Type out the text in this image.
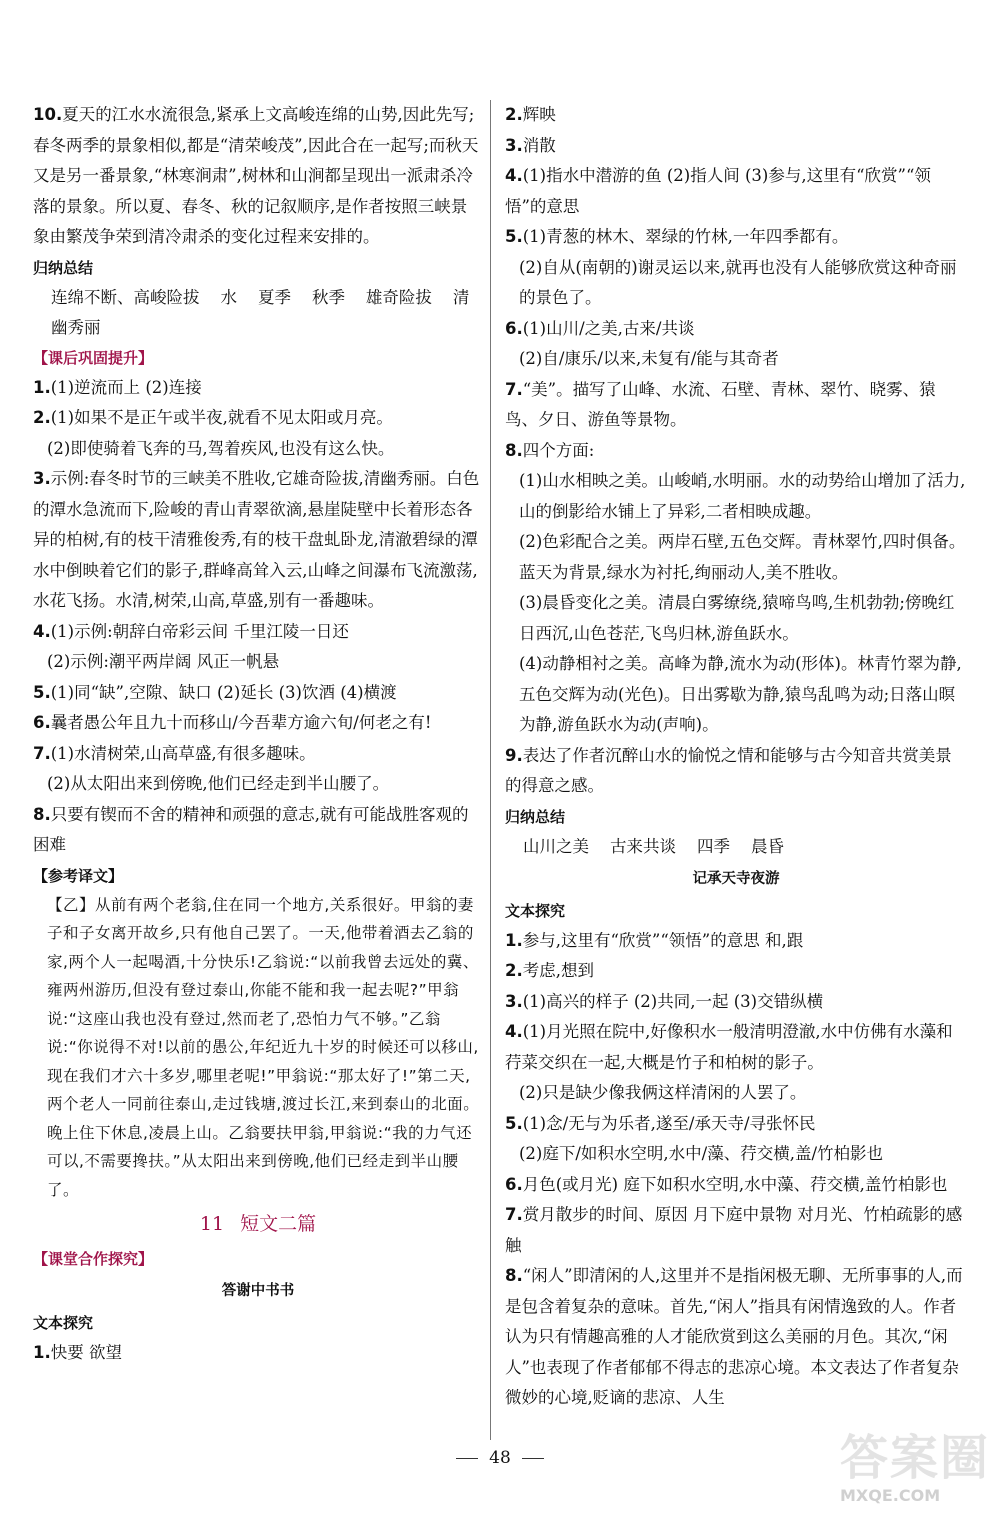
10.夏天的江水水流很急,紧承上文高峻连绵的山势,因此先写;春冬两季的景象相似,都是“清荣峻茂”,因此合在一起写;而秋天又是另一番景象,“林寒涧肃”,树林和山涧都呈现出一派肃杀冷落的景象。所以夏、春冬、秋的记叙顺序,是作者按照三峡景象由繁茂争荣到清冷肃杀的变化过程来安排的。

归纳总结

连绵不断、高峻险拔    水    夏季    秋季    雄奇险拔    清幽秀丽

【课后巩固提升】

1.(1)逆流而上 (2)连接

2.(1)如果不是正午或半夜,就看不见太阳或月亮。

(2)即使骑着飞奔的马,驾着疾风,也没有这么快。

3.示例:春冬时节的三峡美不胜收,它雄奇险拔,清幽秀丽。白色的潭水急流而下,险峻的青山青翠欲滴,悬崖陡壁中长着形态各异的柏树,有的枝干清雅俊秀,有的枝干盘虬卧龙,清澈碧绿的潭水中倒映着它们的影子,群峰高耸入云,山峰之间瀑布飞流激荡,水花飞扬。水清,树荣,山高,草盛,别有一番趣味。

4.(1)示例:朝辞白帝彩云间 千里江陵一日还

(2)示例:潮平两岸阔 风正一帆悬

5.(1)同“缺”,空隙、缺口 (2)延长 (3)饮酒 (4)横渡

6.曩者愚公年且九十而移山/今吾辈方逾六旬/何老之有!

7.(1)水清树荣,山高草盛,有很多趣味。

(2)从太阳出来到傍晚,他们已经走到半山腰了。

8.只要有锲而不舍的精神和顽强的意志,就有可能战胜客观的困难

【参考译文】

【乙】从前有两个老翁,住在同一个地方,关系很好。甲翁的妻子和子女离开故乡,只有他自己罢了。一天,他带着酒去乙翁的家,两个人一起喝酒,十分快乐!乙翁说:“以前我曾去远处的冀、雍两州游历,但没有登过泰山,你能不能和我一起去呢?”甲翁说:“这座山我也没有登过,然而老了,恐怕力气不够。”乙翁说:“你说得不对!以前的愚公,年纪近九十岁的时候还可以移山,现在我们才六十多岁,哪里老呢!”甲翁说:“那太好了!”第二天,两个老人一同前往泰山,走过钱塘,渡过长江,来到泰山的北面。晚上住下休息,凌晨上山。乙翁要扶甲翁,甲翁说:“我的力气还可以,不需要搀扶。”从太阳出来到傍晚,他们已经走到半山腰了。

11 短文二篇

【课堂合作探究】

答谢中书书

文本探究

1.快要 欲望

2.辉映

3.消散

4.(1)指水中潜游的鱼 (2)指人间 (3)参与,这里有“欣赏”“领悟”的意思

5.(1)青葱的林木、翠绿的竹林,一年四季都有。

(2)自从(南朝的)谢灵运以来,就再也没有人能够欣赏这种奇丽的景色了。

6.(1)山川/之美,古来/共谈

(2)自/康乐/以来,未复有/能与其奇者

7.“美”。描写了山峰、水流、石壁、青林、翠竹、晓雾、猿鸟、夕日、游鱼等景物。

8.四个方面:

(1)山水相映之美。山峻峭,水明丽。水的动势给山增加了活力,山的倒影给水铺上了异彩,二者相映成趣。

(2)色彩配合之美。两岸石壁,五色交辉。青林翠竹,四时俱备。蓝天为背景,绿水为衬托,绚丽动人,美不胜收。

(3)晨昏变化之美。清晨白雾缭绕,猿啼鸟鸣,生机勃勃;傍晚红日西沉,山色苍茫,飞鸟归林,游鱼跃水。

(4)动静相衬之美。高峰为静,流水为动(形体)。林青竹翠为静,五色交辉为动(光色)。日出雾歇为静,猿鸟乱鸣为动;日落山暝为静,游鱼跃水为动(声响)。

9.表达了作者沉醉山水的愉悦之情和能够与古今知音共赏美景的得意之感。

归纳总结

山川之美    古来共谈    四季    晨昏

记承天寺夜游

文本探究

1.参与,这里有“欣赏”“领悟”的意思 和,跟

2.考虑,想到

3.(1)高兴的样子 (2)共同,一起 (3)交错纵横

4.(1)月光照在院中,好像积水一般清明澄澈,水中仿佛有水藻和荇菜交织在一起,大概是竹子和柏树的影子。

(2)只是缺少像我俩这样清闲的人罢了。

5.(1)念/无与为乐者,遂至/承天寺/寻张怀民

(2)庭下/如积水空明,水中/藻、荇交横,盖/竹柏影也

6.月色(或月光) 庭下如积水空明,水中藻、荇交横,盖竹柏影也

7.赏月散步的时间、原因 月下庭中景物 对月光、竹柏疏影的感触

8.“闲人”即清闲的人,这里并不是指闲极无聊、无所事事的人,而是包含着复杂的意味。首先,“闲人”指具有闲情逸致的人。作者认为只有情趣高雅的人才能欣赏到这么美丽的月色。其次,“闲人”也表现了作者郁郁不得志的悲凉心境。本文表达了作者复杂微妙的心境,贬谪的悲凉、人生

48	答案圈
MXQE.COM
